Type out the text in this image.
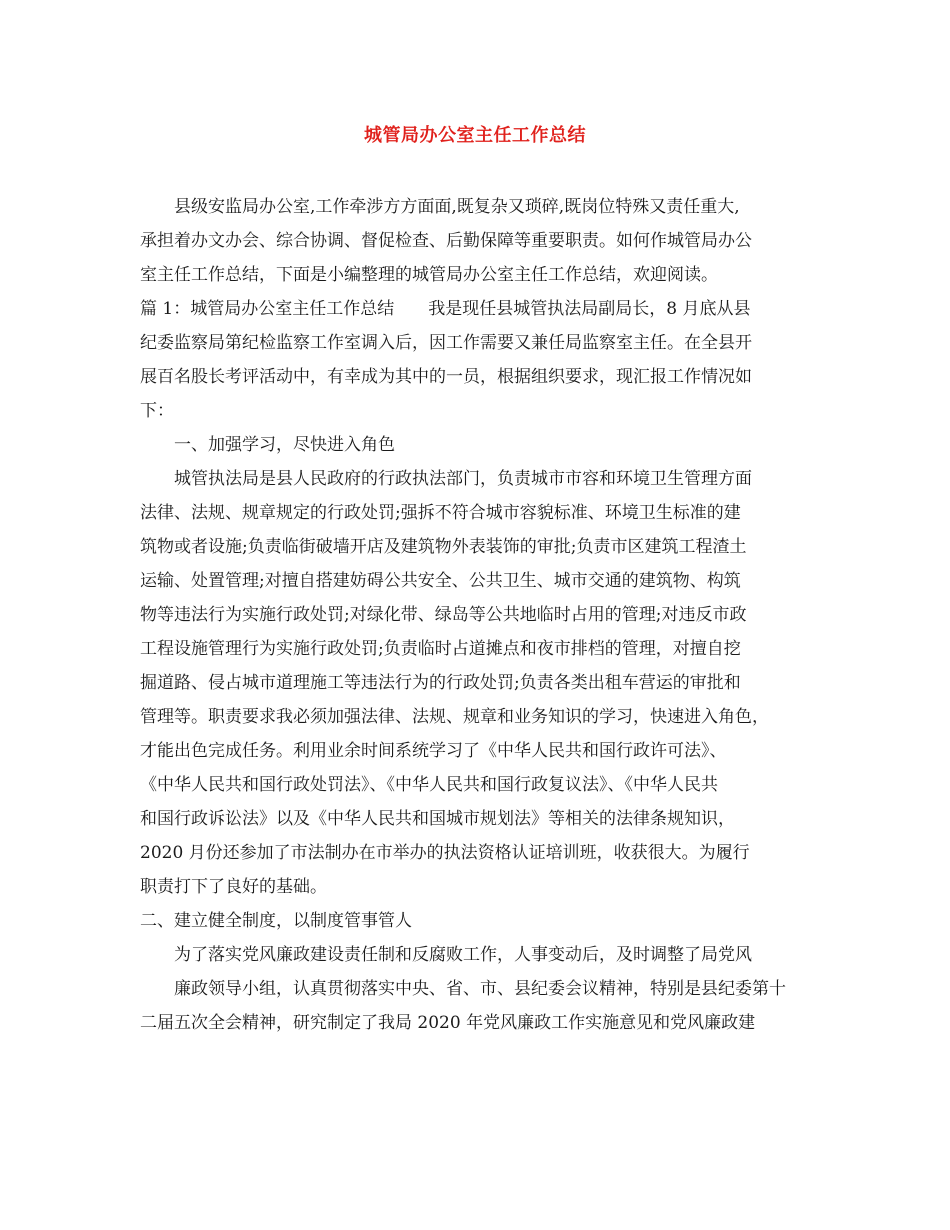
城管局办公室主任工作总结
县级安监局办公室,工作牵涉方方面面,既复杂又琐碎,既岗位特殊又责任重大,
承担着办文办会、综合协调、督促检查、后勤保障等重要职责。如何作城管局办公
室主任工作总结，下面是小编整理的城管局办公室主任工作总结，欢迎阅读。
篇 1：城管局办公室主任工作总结　　我是现任县城管执法局副局长，8 月底从县
纪委监察局第纪检监察工作室调入后，因工作需要又兼任局监察室主任。在全县开
展百名股长考评活动中，有幸成为其中的一员，根据组织要求，现汇报工作情况如
下：
一、加强学习，尽快进入角色
城管执法局是县人民政府的行政执法部门，负责城市市容和环境卫生管理方面
法律、法规、规章规定的行政处罚;强拆不符合城市容貌标准、环境卫生标准的建
筑物或者设施;负责临街破墙开店及建筑物外表装饰的审批;负责市区建筑工程渣土
运输、处置管理;对擅自搭建妨碍公共安全、公共卫生、城市交通的建筑物、构筑
物等违法行为实施行政处罚;对绿化带、绿岛等公共地临时占用的管理;对违反市政
工程设施管理行为实施行政处罚;负责临时占道摊点和夜市排档的管理，对擅自挖
掘道路、侵占城市道理施工等违法行为的行政处罚;负责各类出租车营运的审批和
管理等。职责要求我必须加强法律、法规、规章和业务知识的学习，快速进入角色，
才能出色完成任务。利用业余时间系统学习了《中华人民共和国行政许可法》、
《中华人民共和国行政处罚法》、《中华人民共和国行政复议法》、《中华人民共
和国行政诉讼法》以及《中华人民共和国城市规划法》等相关的法律条规知识，
2020 月份还参加了市法制办在市举办的执法资格认证培训班，收获很大。为履行
职责打下了良好的基础。
二、建立健全制度，以制度管事管人
为了落实党风廉政建设责任制和反腐败工作，人事变动后，及时调整了局党风
廉政领导小组，认真贯彻落实中央、省、市、县纪委会议精神，特别是县纪委第十
二届五次全会精神，研究制定了我局 2020 年党风廉政工作实施意见和党风廉政建
